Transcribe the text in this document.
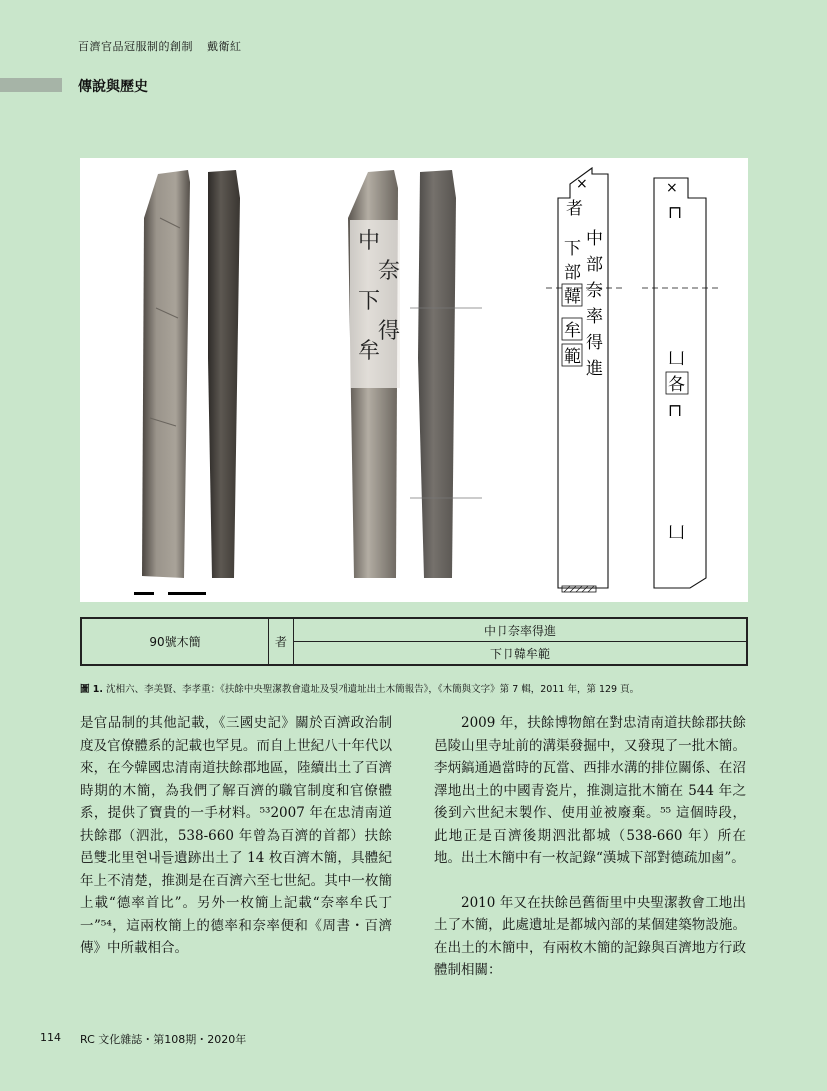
百濟官品冠服制的創制 戴衛紅
傳說與歷史
中
奈
下
得
牟
×
者
下
部
韓
牟
範
中
部
奈
率
得
進
×
⊓
凵
各
⊓
凵
90號木簡	者	中卩奈率得進
下卩韓牟範
圖 1. 沈相六、李美賢、李孝重：《扶餘中央聖潔教會遺址及뒷개遺址出土木簡報告》，《木簡與文字》第 7 輯，2011 年，第 129 頁。

是官品制的其他記載，《三國史記》關於百濟政治制度及官僚體系的記載也罕見。而自上世紀八十年代以來，在今韓國忠清南道扶餘郡地區，陸續出土了百濟時期的木簡，為我們了解百濟的職官制度和官僚體系，提供了寶貴的一手材料。⁵³2007 年在忠清南道扶餘郡（泗沘，538-660 年曾為百濟的首都）扶餘邑雙北里현내들遺跡出土了 14 枚百濟木簡，具體紀年上不清楚，推測是在百濟六至七世紀。其中一枚簡上載“德率首比”。另外一枚簡上記載“奈率牟氏丁一”⁵⁴，這兩枚簡上的德率和奈率便和《周書・百濟傳》中所載相合。

2009 年，扶餘博物館在對忠清南道扶餘郡扶餘邑陵山里寺址前的溝渠發掘中，又發現了一批木簡。李炳鎬通過當時的瓦當、西排水溝的排位關係、在沼澤地出土的中國青瓷片，推測這批木簡在 544 年之後到六世紀末製作、使用並被廢棄。⁵⁵ 這個時段，此地正是百濟後期泗沘都城（538-660 年）所在地。出土木簡中有一枚記錄“漢城下部對德疏加鹵”。

2010 年又在扶餘邑舊衙里中央聖潔教會工地出土了木簡，此處遺址是都城內部的某個建築物設施。在出土的木簡中，有兩枚木簡的記錄與百濟地方行政體制相關：

114 RC 文化雜誌・第108期・2020年
